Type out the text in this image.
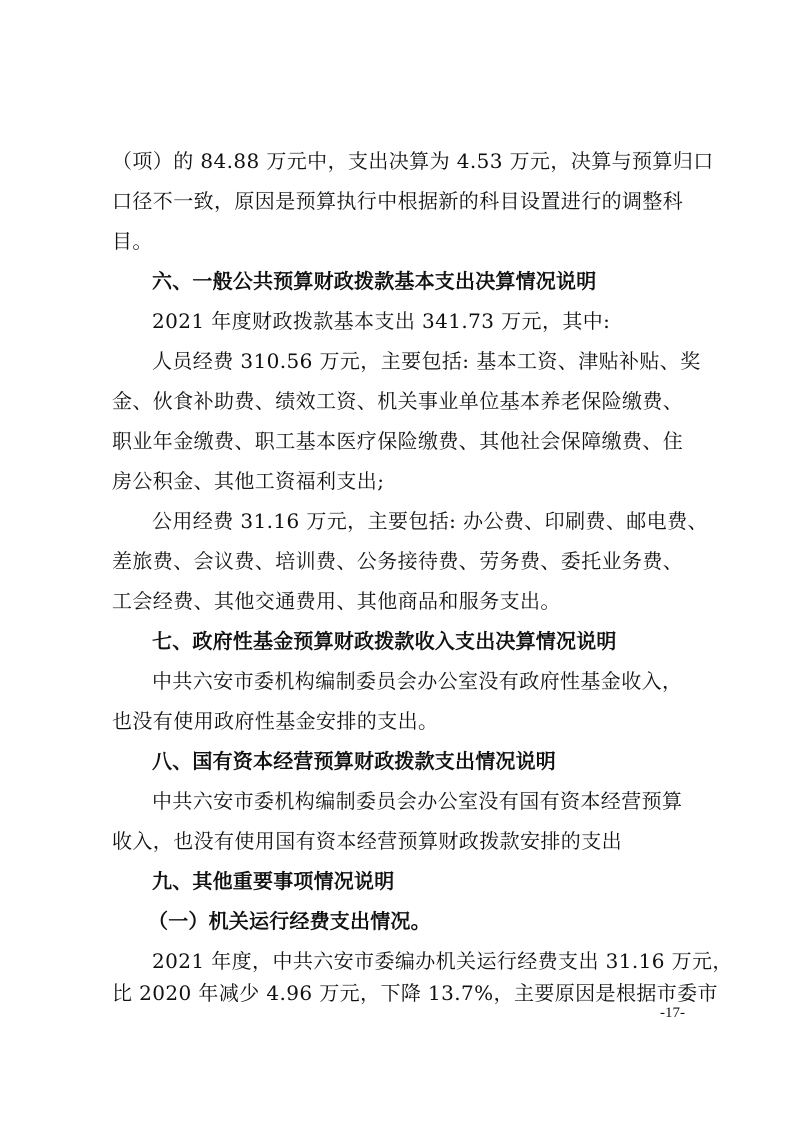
（项）的 84.88 万元中，支出决算为 4.53 万元，决算与预算归口
口径不一致，原因是预算执行中根据新的科目设置进行的调整科
目。
六、一般公共预算财政拨款基本支出决算情况说明
2021 年度财政拨款基本支出 341.73 万元，其中:
人员经费 310.56 万元，主要包括: 基本工资、津贴补贴、奖
金、伙食补助费、绩效工资、机关事业单位基本养老保险缴费、
职业年金缴费、职工基本医疗保险缴费、其他社会保障缴费、住
房公积金、其他工资福利支出;
公用经费 31.16 万元，主要包括: 办公费、印刷费、邮电费、
差旅费、会议费、培训费、公务接待费、劳务费、委托业务费、
工会经费、其他交通费用、其他商品和服务支出。
七、政府性基金预算财政拨款收入支出决算情况说明
中共六安市委机构编制委员会办公室没有政府性基金收入，
也没有使用政府性基金安排的支出。
八、国有资本经营预算财政拨款支出情况说明
中共六安市委机构编制委员会办公室没有国有资本经营预算
收入，也没有使用国有资本经营预算财政拨款安排的支出
九、其他重要事项情况说明
（一）机关运行经费支出情况。
2021 年度，中共六安市委编办机关运行经费支出 31.16 万元，
比 2020 年减少 4.96 万元，下降 13.7%，主要原因是根据市委市
-17-
